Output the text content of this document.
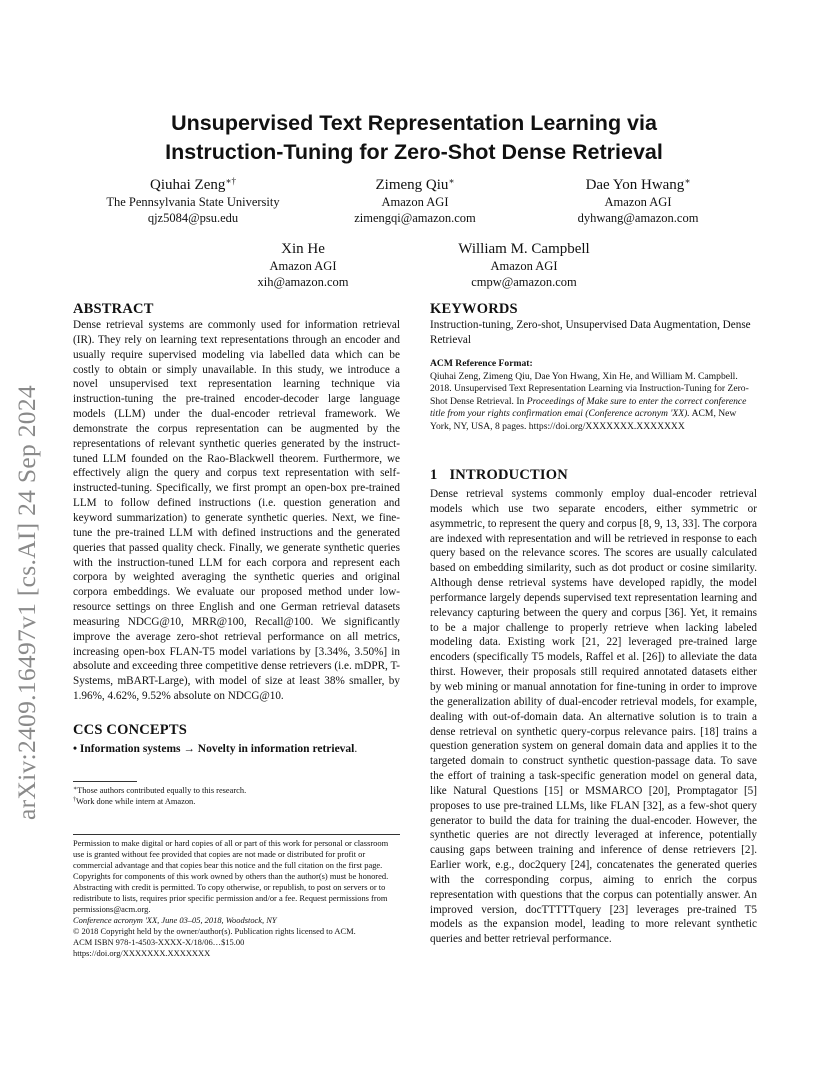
arXiv:2409.16497v1 [cs.AI] 24 Sep 2024
Unsupervised Text Representation Learning via
Instruction-Tuning for Zero-Shot Dense Retrieval
Qiuhai Zeng∗†
The Pennsylvania State University
qjz5084@psu.edu
Zimeng Qiu∗
Amazon AGI
zimengqi@amazon.com
Dae Yon Hwang∗
Amazon AGI
dyhwang@amazon.com
Xin He
Amazon AGI
xih@amazon.com
William M. Campbell
Amazon AGI
cmpw@amazon.com
ABSTRACT

Dense retrieval systems are commonly used for information retrieval (IR). They rely on learning text representations through an encoder and usually require supervised modeling via labelled data which can be costly to obtain or simply unavailable. In this study, we introduce a novel unsupervised text representation learning technique via instruction-tuning the pre-trained encoder-decoder large language models (LLM) under the dual-encoder retrieval framework. We demonstrate the corpus representation can be augmented by the representations of relevant synthetic queries generated by the instruct-tuned LLM founded on the Rao-Blackwell theorem. Furthermore, we effectively align the query and corpus text representation with self-instructed-tuning. Specifically, we first prompt an open-box pre-trained LLM to follow defined instructions (i.e. question generation and keyword summarization) to generate synthetic queries. Next, we fine-tune the pre-trained LLM with defined instructions and the generated queries that passed quality check. Finally, we generate synthetic queries with the instruction-tuned LLM for each corpora and represent each corpora by weighted averaging the synthetic queries and original corpora embeddings. We evaluate our proposed method under low-resource settings on three English and one German retrieval datasets measuring NDCG@10, MRR@100, Recall@100. We significantly improve the average zero-shot retrieval performance on all metrics, increasing open-box FLAN-T5 model variations by [3.34%, 3.50%] in absolute and exceeding three competitive dense retrievers (i.e. mDPR, T-Systems, mBART-Large), with model of size at least 38% smaller, by 1.96%, 4.62%, 9.52% absolute on NDCG@10.

CCS CONCEPTS

• Information systems → Novelty in information retrieval.

∗Those authors contributed equally to this research.
†Work done while intern at Amazon.

Permission to make digital or hard copies of all or part of this work for personal or classroom use is granted without fee provided that copies are not made or distributed for profit or commercial advantage and that copies bear this notice and the full citation on the first page. Copyrights for components of this work owned by others than the author(s) must be honored. Abstracting with credit is permitted. To copy otherwise, or republish, to post on servers or to redistribute to lists, requires prior specific permission and/or a fee. Request permissions from permissions@acm.org.

Conference acronym 'XX, June 03–05, 2018, Woodstock, NY

© 2018 Copyright held by the owner/author(s). Publication rights licensed to ACM.

ACM ISBN 978-1-4503-XXXX-X/18/06…$15.00

https://doi.org/XXXXXXX.XXXXXXX

KEYWORDS

Instruction-tuning, Zero-shot, Unsupervised Data Augmentation, Dense Retrieval

ACM Reference Format:
Qiuhai Zeng, Zimeng Qiu, Dae Yon Hwang, Xin He, and William M. Campbell. 2018. Unsupervised Text Representation Learning via Instruction-Tuning for Zero-Shot Dense Retrieval. In Proceedings of Make sure to enter the correct conference title from your rights confirmation emai (Conference acronym 'XX). ACM, New York, NY, USA, 8 pages. https://doi.org/XXXXXXX.XXXXXXX
1 INTRODUCTION

Dense retrieval systems commonly employ dual-encoder retrieval models which use two separate encoders, either symmetric or asymmetric, to represent the query and corpus [8, 9, 13, 33]. The corpora are indexed with representation and will be retrieved in response to each query based on the relevance scores. The scores are usually calculated based on embedding similarity, such as dot product or cosine similarity. Although dense retrieval systems have developed rapidly, the model performance largely depends supervised text representation learning and relevancy capturing between the query and corpus [36]. Yet, it remains to be a major challenge to properly retrieve when lacking labeled modeling data. Existing work [21, 22] leveraged pre-trained large encoders (specifically T5 models, Raffel et al. [26]) to alleviate the data thirst. However, their proposals still required annotated datasets either by web mining or manual annotation for fine-tuning in order to improve the generalization ability of dual-encoder retrieval models, for example, dealing with out-of-domain data. An alternative solution is to train a dense retrieval on synthetic query-corpus relevance pairs. [18] trains a question generation system on general domain data and applies it to the targeted domain to construct synthetic question-passage data. To save the effort of training a task-specific generation model on general data, like Natural Questions [15] or MSMARCO [20], Promptagator [5] proposes to use pre-trained LLMs, like FLAN [32], as a few-shot query generator to build the data for training the dual-encoder. However, the synthetic queries are not directly leveraged at inference, potentially causing gaps between training and inference of dense retrievers [2]. Earlier work, e.g., doc2query [24], concatenates the generated queries with the corresponding corpus, aiming to enrich the corpus representation with questions that the corpus can potentially answer. An improved version, docTTTTTquery [23] leverages pre-trained T5 models as the expansion model, leading to more relevant synthetic queries and better retrieval performance.
